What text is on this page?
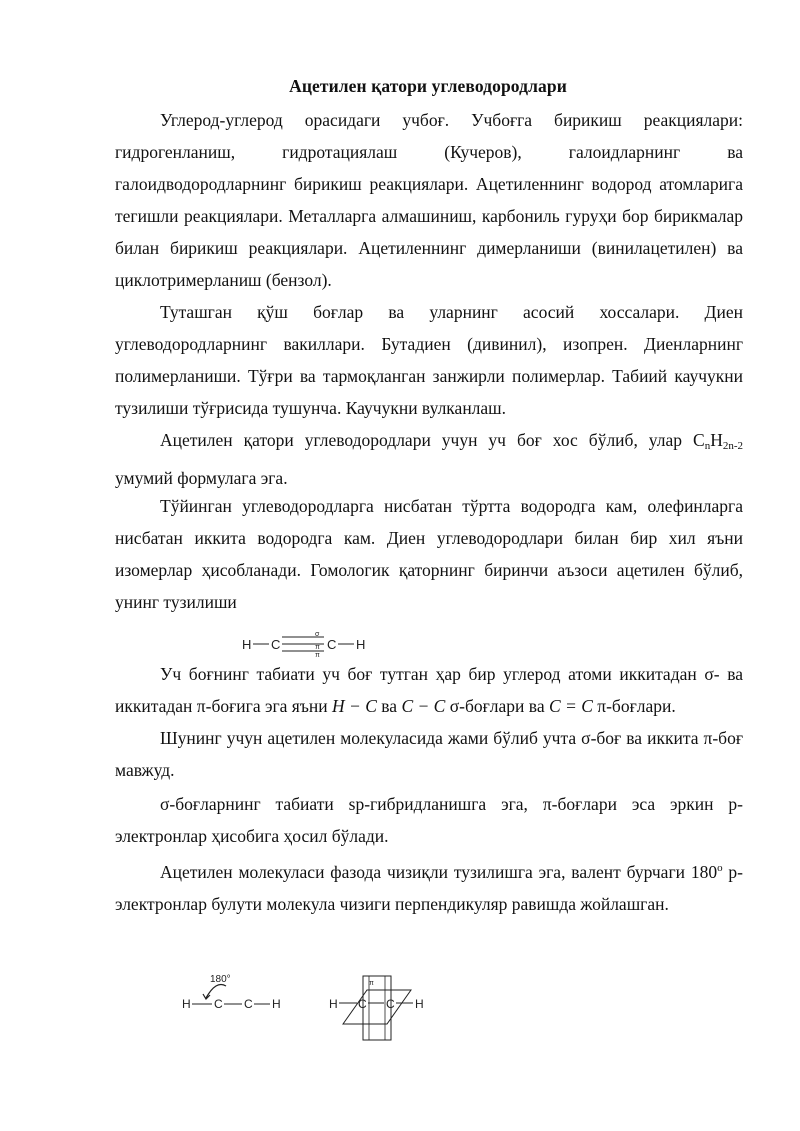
Ацетилен қатори углеводородлари
Углерод-углерод орасидаги учбоғ. Учбоғга бирикиш реакциялари: гидрогенланиш, гидротациялаш (Кучеров), галоидларнинг ва галоидводородларнинг бирикиш реакциялари. Ацетиленнинг водород атомларига тегишли реакциялари. Металларга алмашиниш, карбониль гуруҳи бор бирикмалар билан бирикиш реакциялари. Ацетиленнинг димерланиши (винилацетилен) ва циклотримерланиш (бензол).
Туташган қўш боғлар ва уларнинг асосий хоссалари. Диен углеводородларнинг вакиллари. Бутадиен (дивинил), изопрен. Диенларнинг полимерланиши. Тўғри ва тармоқланган занжирли полимерлар. Табиий каучукни тузилиши тўғрисида тушунча. Каучукни вулканлаш.
Ацетилен қатори углеводородлари учун уч боғ хос бўлиб, улар $C_nH_{2n-2}$ умумий формулага эга.
Тўйинган углеводородларга нисбатан тўртта водородга кам, олефинларга нисбатан иккита водородга кам. Диен углеводородлари билан бир хил яъни изомерлар ҳисобланади. Гомологик қаторнинг биринчи аъзоси ацетилен бўлиб, унинг тузилиши
H C
σ
π
π
C H
Уч боғнинг табиати уч боғ тутган ҳар бир углерод атоми иккитадан σ- ва иккитадан π-боғига эга яъни H − C ва C − C σ-боғлари ва C = C π-боғлари.
Шунинг учун ацетилен молекуласида жами бўлиб учта σ-боғ ва иккита π-боғ мавжуд.
σ-боғларнинг табиати sp-гибридланишга эга, π-боғлари эса эркин p-электронлар ҳисобига ҳосил бўлади.
Ацетилен молекуласи фазода чизиқли тузилишга эга, валент бурчаги 180$^o$ p-электронлар булути молекула чизиги перпендикуляр равишда жойлашган.
180°
H C C H
π
H C C H
